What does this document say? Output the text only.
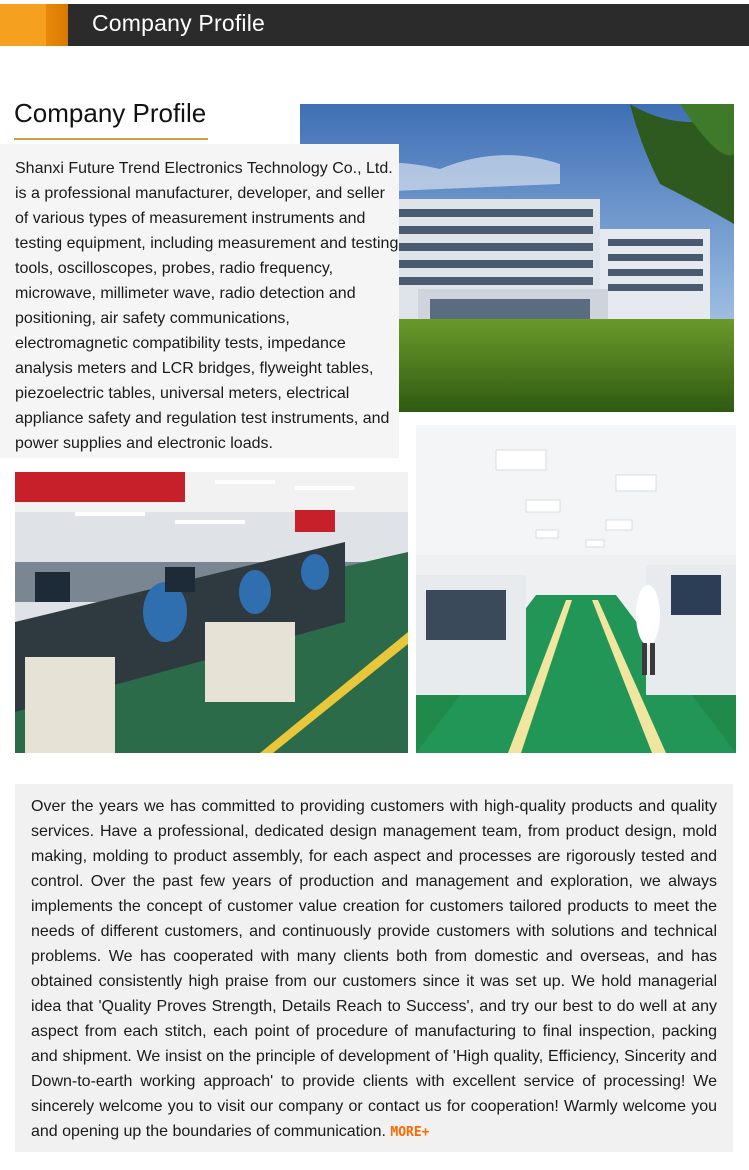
Company Profile
Company Profile
Shanxi Future Trend Electronics Technology Co., Ltd. is a professional manufacturer, developer, and seller of various types of measurement instruments and testing equipment, including measurement and testing tools, oscilloscopes, probes, radio frequency, microwave, millimeter wave, radio detection and positioning, air safety communications, electromagnetic compatibility tests, impedance analysis meters and LCR bridges, flyweight tables, piezoelectric tables, universal meters, electrical appliance safety and regulation test instruments, and power supplies and electronic loads.
Over the years we has committed to providing customers with high-quality products and quality services. Have a professional, dedicated design management team, from product design, mold making, molding to product assembly, for each aspect and processes are rigorously tested and control. Over the past few years of production and management and exploration, we always implements the concept of customer value creation for customers tailored products to meet the needs of different customers, and continuously provide customers with solutions and technical problems. We has cooperated with many clients both from domestic and overseas, and has obtained consistently high praise from our customers since it was set up. We hold managerial idea that 'Quality Proves Strength, Details Reach to Success', and try our best to do well at any aspect from each stitch, each point of procedure of manufacturing to final inspection, packing and shipment. We insist on the principle of development of 'High quality, Efficiency, Sincerity and Down-to-earth working approach' to provide clients with excellent service of processing! We sincerely welcome you to visit our company or contact us for cooperation! Warmly welcome you and opening up the boundaries of communication. MORE+
